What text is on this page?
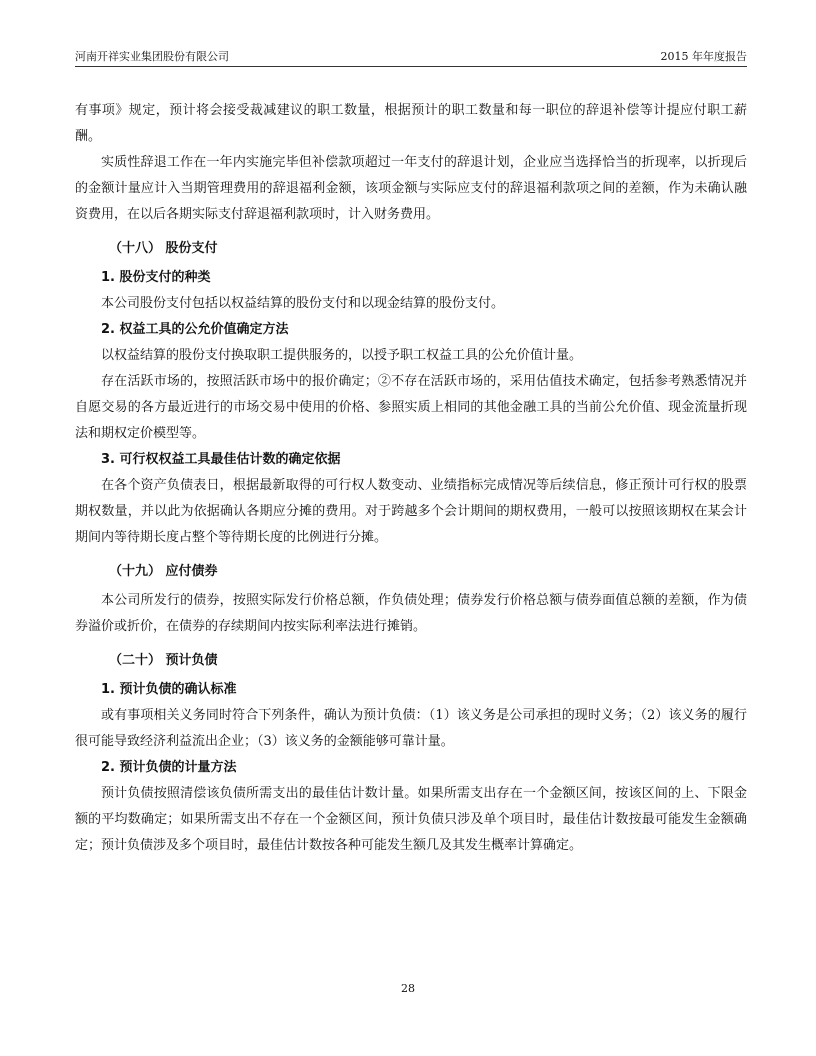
河南开祥实业集团股份有限公司	2015 年年度报告

有事项》规定，预计将会接受裁减建议的职工数量，根据预计的职工数量和每一职位的辞退补偿等计提应付职工薪酬。

实质性辞退工作在一年内实施完毕但补偿款项超过一年支付的辞退计划，企业应当选择恰当的折现率，以折现后的金额计量应计入当期管理费用的辞退福利金额，该项金额与实际应支付的辞退福利款项之间的差额，作为未确认融资费用，在以后各期实际支付辞退福利款项时，计入财务费用。

（十八） 股份支付
1. 股份支付的种类

本公司股份支付包括以权益结算的股份支付和以现金结算的股份支付。

2. 权益工具的公允价值确定方法

以权益结算的股份支付换取职工提供服务的，以授予职工权益工具的公允价值计量。

存在活跃市场的，按照活跃市场中的报价确定；②不存在活跃市场的，采用估值技术确定，包括参考熟悉情况并自愿交易的各方最近进行的市场交易中使用的价格、参照实质上相同的其他金融工具的当前公允价值、现金流量折现法和期权定价模型等。

3. 可行权权益工具最佳估计数的确定依据

在各个资产负债表日，根据最新取得的可行权人数变动、业绩指标完成情况等后续信息，修正预计可行权的股票期权数量，并以此为依据确认各期应分摊的费用。对于跨越多个会计期间的期权费用，一般可以按照该期权在某会计期间内等待期长度占整个等待期长度的比例进行分摊。

（十九） 应付债券

本公司所发行的债券，按照实际发行价格总额，作负债处理；债券发行价格总额与债券面值总额的差额，作为债券溢价或折价，在债券的存续期间内按实际利率法进行摊销。

（二十） 预计负债
1. 预计负债的确认标准

或有事项相关义务同时符合下列条件，确认为预计负债：（1）该义务是公司承担的现时义务；（2）该义务的履行很可能导致经济利益流出企业；（3）该义务的金额能够可靠计量。

2. 预计负债的计量方法

预计负债按照清偿该负债所需支出的最佳估计数计量。如果所需支出存在一个金额区间，按该区间的上、下限金额的平均数确定；如果所需支出不存在一个金额区间，预计负债只涉及单个项目时，最佳估计数按最可能发生金额确定；预计负债涉及多个项目时，最佳估计数按各种可能发生额几及其发生概率计算确定。

28
